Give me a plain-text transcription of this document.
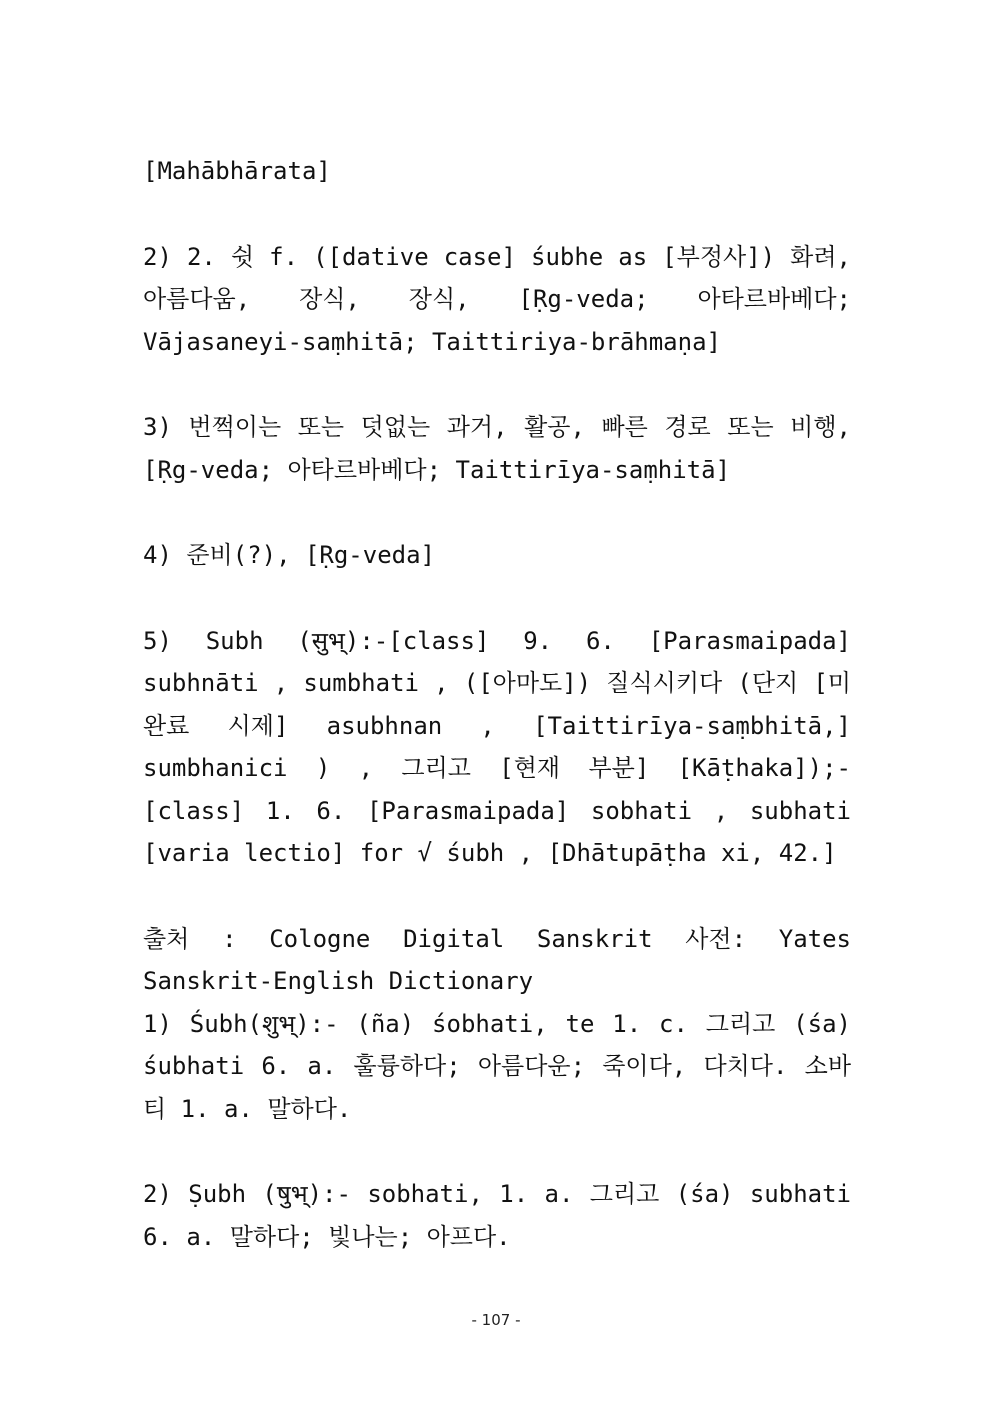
[Mahābhārata]

2) 2. 쉿 f. ([dative case] śubhe as [부정사]) 화려, 아름다움, 장식, 장식, [Ṛg-veda; 아타르바베다; Vājasaneyi-saṃhitā; Taittiriya-brāhmaṇa]

3) 번쩍이는 또는 덧없는 과거, 활공, 빠른 경로 또는 비행, [Ṛg-veda; 아타르바베다; Taittirīya-saṃhitā]

4) 준비(?), [Ṛg-veda]

5) Subh (सुभ्):-[class] 9. 6. [Parasmaipada] subhnāti , sumbhati , ([아마도]) 질식시키다 (단지 [미완료 시제] asubhnan , [Taittirīya-saṃbhitā,] sumbhanici ) , 그리고 [현재 부분] [Kāṭhaka]);-[class] 1. 6. [Parasmaipada] sobhati , subhati [varia lectio] for √ śubh , [Dhātupāṭha xi, 42.]

출처 : Cologne Digital Sanskrit 사전: Yates Sanskrit-English Dictionary

1) Śubh(शुभ्):- (ña) śobhati, te 1. c. 그리고 (śa) śubhati 6. a. 훌륭하다; 아름다운; 죽이다, 다치다. 소바티 1. a. 말하다.

2) Ṣubh (षुभ्):- sobhati, 1. a. 그리고 (śa) subhati 6. a. 말하다; 빛나는; 아프다.

- 107 -
